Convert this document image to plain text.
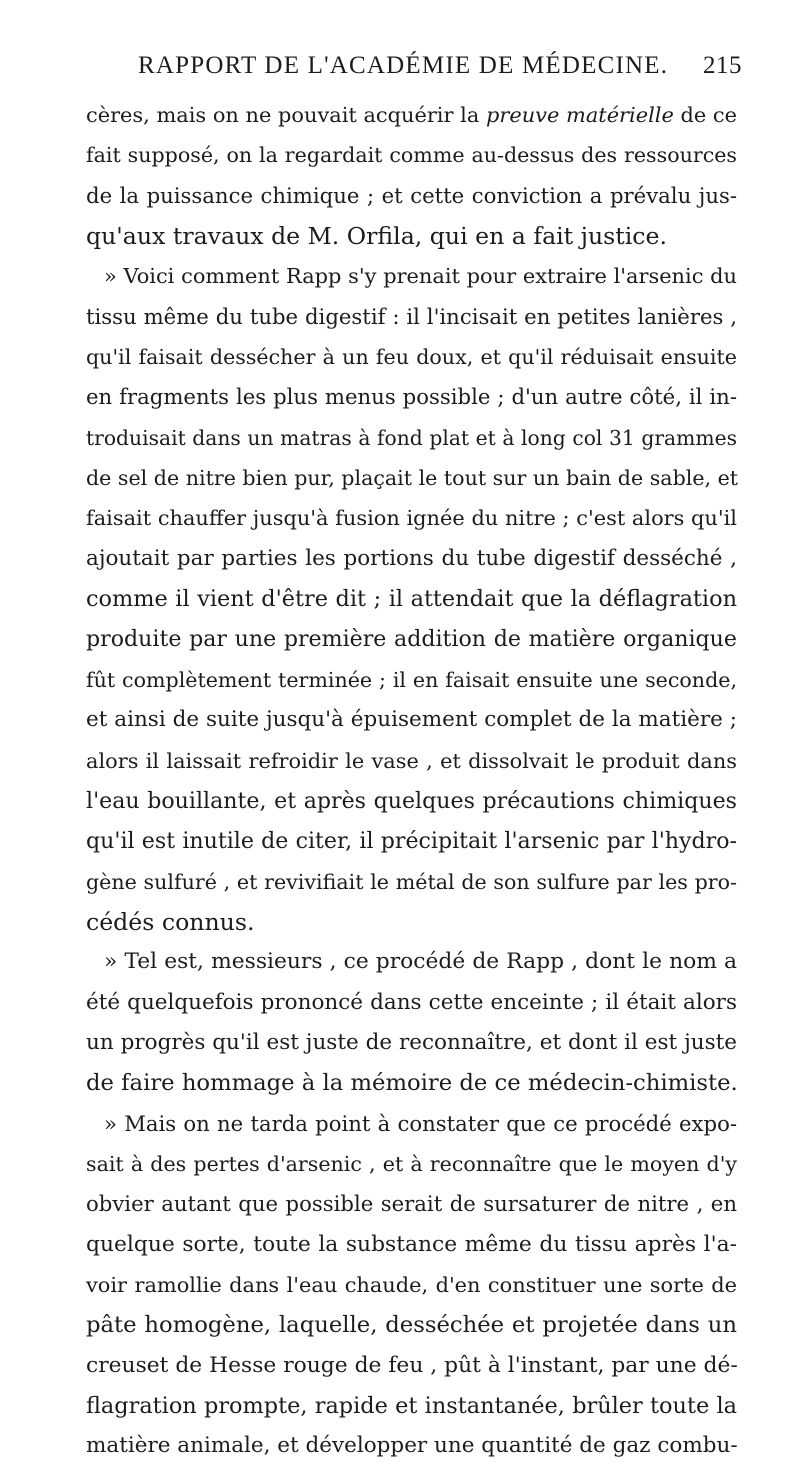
RAPPORT DE L'ACADÉMIE DE MÉDECINE. 215
cères, mais on ne pouvait acquérir la preuve matérielle de ce
fait supposé, on la regardait comme au-dessus des ressources
de la puissance chimique ; et cette conviction a prévalu jus-
qu'aux travaux de M. Orfila, qui en a fait justice.
» Voici comment Rapp s'y prenait pour extraire l'arsenic du
tissu même du tube digestif : il l'incisait en petites lanières ,
qu'il faisait dessécher à un feu doux, et qu'il réduisait ensuite
en fragments les plus menus possible ; d'un autre côté, il in-
troduisait dans un matras à fond plat et à long col 31 grammes
de sel de nitre bien pur, plaçait le tout sur un bain de sable, et
faisait chauffer jusqu'à fusion ignée du nitre ; c'est alors qu'il
ajoutait par parties les portions du tube digestif desséché ,
comme il vient d'être dit ; il attendait que la déflagration
produite par une première addition de matière organique
fût complètement terminée ; il en faisait ensuite une seconde,
et ainsi de suite jusqu'à épuisement complet de la matière ;
alors il laissait refroidir le vase , et dissolvait le produit dans
l'eau bouillante, et après quelques précautions chimiques
qu'il est inutile de citer, il précipitait l'arsenic par l'hydro-
gène sulfuré , et revivifiait le métal de son sulfure par les pro-
cédés connus.
» Tel est, messieurs , ce procédé de Rapp , dont le nom a
été quelquefois prononcé dans cette enceinte ; il était alors
un progrès qu'il est juste de reconnaître, et dont il est juste
de faire hommage à la mémoire de ce médecin-chimiste.
» Mais on ne tarda point à constater que ce procédé expo-
sait à des pertes d'arsenic , et à reconnaître que le moyen d'y
obvier autant que possible serait de sursaturer de nitre , en
quelque sorte, toute la substance même du tissu après l'a-
voir ramollie dans l'eau chaude, d'en constituer une sorte de
pâte homogène, laquelle, desséchée et projetée dans un
creuset de Hesse rouge de feu , pût à l'instant, par une dé-
flagration prompte, rapide et instantanée, brûler toute la
matière animale, et développer une quantité de gaz combu-
